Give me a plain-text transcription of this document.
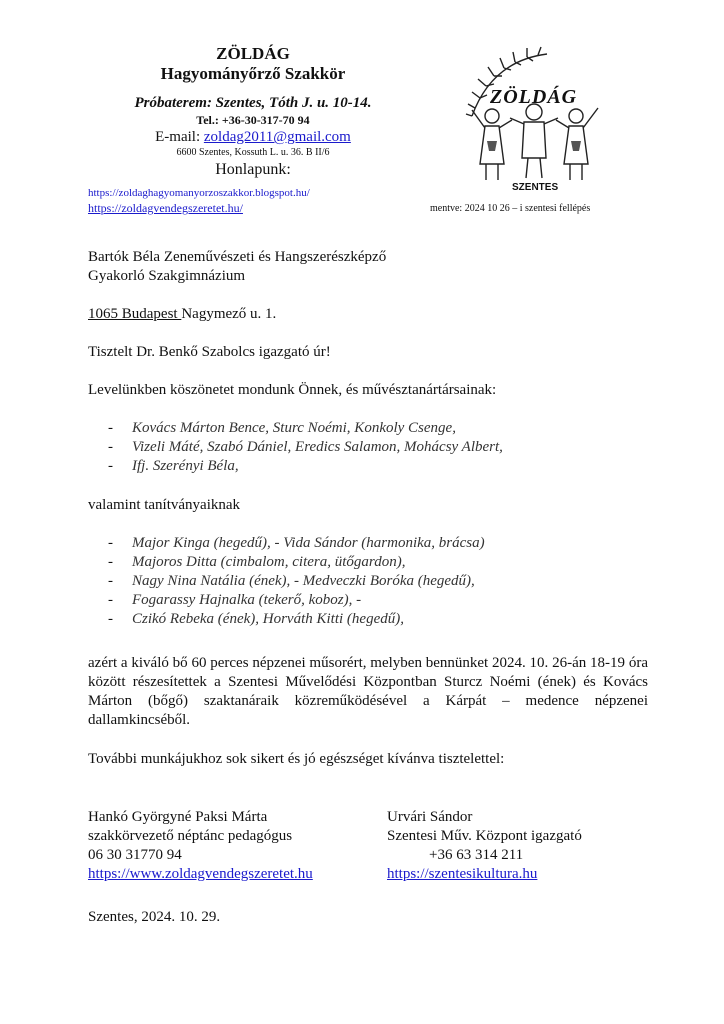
ZÖLDÁG
Hagyományőrző Szakkör
Próbaterem: Szentes, Tóth J. u. 10-14.
Tel.: +36-30-317-70 94
E-mail: zoldag2011@gmail.com
6600 Szentes, Kossuth L. u. 36. B II/6
Honlapunk:
https://zoldaghagyomanyorzoszakkor.blogspot.hu/
https://zoldagvendegszeretet.hu/	mentve: 2024 10 26 – i szentesi fellépés
ZÖLDÁG
SZENTES
Bartók Béla Zeneművészeti és Hangszerészképző
Gyakorló Szakgimnázium
1065 Budapest Nagymező u. 1.
Tisztelt Dr. Benkő Szabolcs igazgató úr!
Levelünkben köszönetet mondunk Önnek, és művésztanártársainak:
- Kovács Márton Bence, Sturc Noémi, Konkoly Csenge,
- Vizeli Máté, Szabó Dániel, Eredics Salamon, Mohácsy Albert,
- Ifj. Szerényi Béla,
valamint tanítványaiknak
- Major Kinga (hegedű), - Vida Sándor (harmonika, brácsa)
- Majoros Ditta (cimbalom, citera, ütőgardon),
- Nagy Nina Natália (ének), - Medveczki Boróka (hegedű),
- Fogarassy Hajnalka (tekerő, koboz), -
- Czikó Rebeka (ének), Horváth Kitti (hegedű),
azért a kiváló bő 60 perces népzenei műsorért, melyben bennünket 2024. 10. 26-án 18-19 óra között részesítettek a Szentesi Művelődési Központban Sturcz Noémi (ének) és Kovács Márton (bőgő) szaktanáraik közreműködésével a Kárpát – medence népzenei dallamkincséből.
További munkájukhoz sok sikert és jó egészséget kívánva tisztelettel:
Hankó Györgyné Paksi Márta
szakkörvezető néptánc pedagógus
06 30 31770 94
https://www.zoldagvendegszeretet.hu
Urvári Sándor
Szentesi Műv. Központ igazgató
+36 63 314 211
https://szentesikultura.hu
Szentes, 2024. 10. 29.
